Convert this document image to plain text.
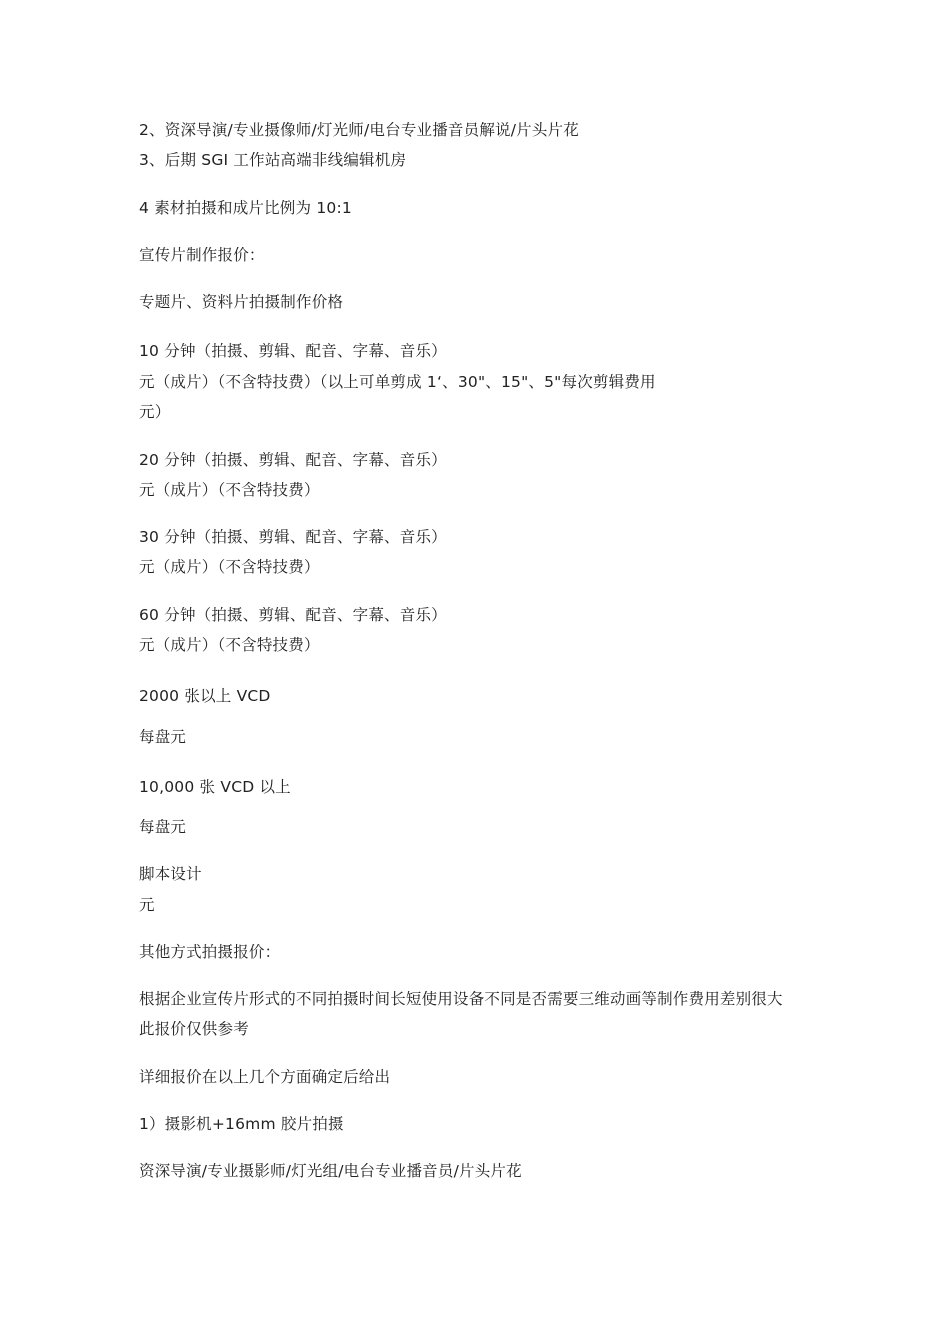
2、资深导演/专业摄像师/灯光师/电台专业播音员解说/片头片花
3、后期 SGI 工作站高端非线编辑机房
4 素材拍摄和成片比例为 10:1
宣传片制作报价：
专题片、资料片拍摄制作价格
10 分钟（拍摄、剪辑、配音、字幕、音乐）
元（成片）（不含特技费）（以上可单剪成 1‘、30"、15"、5"每次剪辑费用
元）
20 分钟（拍摄、剪辑、配音、字幕、音乐）
元（成片）（不含特技费）
30 分钟（拍摄、剪辑、配音、字幕、音乐）
元（成片）（不含特技费）
60 分钟（拍摄、剪辑、配音、字幕、音乐）
元（成片）（不含特技费）
2000 张以上 VCD
每盘元
10,000 张 VCD 以上
每盘元
脚本设计
元
其他方式拍摄报价：
根据企业宣传片形式的不同拍摄时间长短使用设备不同是否需要三维动画等制作费用差别很大
此报价仅供参考
详细报价在以上几个方面确定后给出
1）摄影机+16mm 胶片拍摄
资深导演/专业摄影师/灯光组/电台专业播音员/片头片花
